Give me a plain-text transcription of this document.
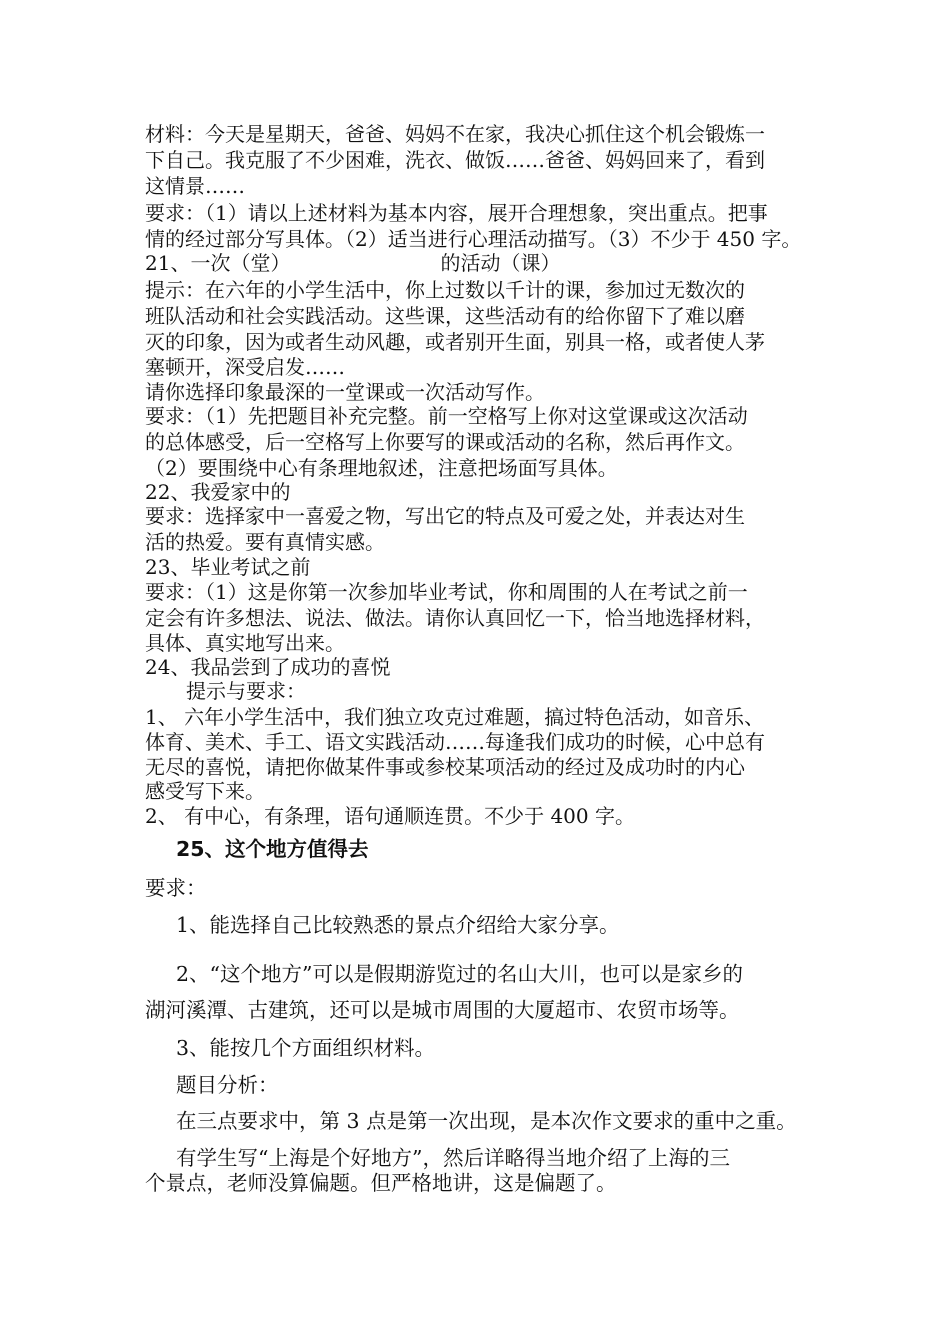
材料：今天是星期天，爸爸、妈妈不在家，我决心抓住这个机会锻炼一
下自己。我克服了不少困难，洗衣、做饭……爸爸、妈妈回来了，看到
这情景……
要求：（1）请以上述材料为基本内容，展开合理想象，突出重点。把事
情的经过部分写具体。（2）适当进行心理活动描写。（3）不少于 450 字。
21、一次（堂）	的活动（课）
提示：在六年的小学生活中，你上过数以千计的课，参加过无数次的
班队活动和社会实践活动。这些课，这些活动有的给你留下了难以磨
灭的印象，因为或者生动风趣，或者别开生面，别具一格，或者使人茅
塞顿开，深受启发……
请你选择印象最深的一堂课或一次活动写作。
要求：（1）先把题目补充完整。前一空格写上你对这堂课或这次活动
的总体感受，后一空格写上你要写的课或活动的名称，然后再作文。
（2）要围绕中心有条理地叙述，注意把场面写具体。
22、我爱家中的
要求：选择家中一喜爱之物，写出它的特点及可爱之处，并表达对生
活的热爱。要有真情实感。
23、毕业考试之前
要求：（1）这是你第一次参加毕业考试，你和周围的人在考试之前一
定会有许多想法、说法、做法。请你认真回忆一下，恰当地选择材料，
具体、真实地写出来。
24、我品尝到了成功的喜悦
提示与要求：
1、 六年小学生活中，我们独立攻克过难题，搞过特色活动，如音乐、
体育、美术、手工、语文实践活动……每逢我们成功的时候，心中总有
无尽的喜悦，请把你做某件事或参校某项活动的经过及成功时的内心
感受写下来。
2、 有中心，有条理，语句通顺连贯。不少于 400 字。
25、这个地方值得去
要求：
1、能选择自己比较熟悉的景点介绍给大家分享。
2、“这个地方”可以是假期游览过的名山大川，也可以是家乡的
湖河溪潭、古建筑，还可以是城市周围的大厦超市、农贸市场等。
3、能按几个方面组织材料。
题目分析：
在三点要求中，第 3 点是第一次出现，是本次作文要求的重中之重。
有学生写“上海是个好地方”，然后详略得当地介绍了上海的三
个景点，老师没算偏题。但严格地讲，这是偏题了。
